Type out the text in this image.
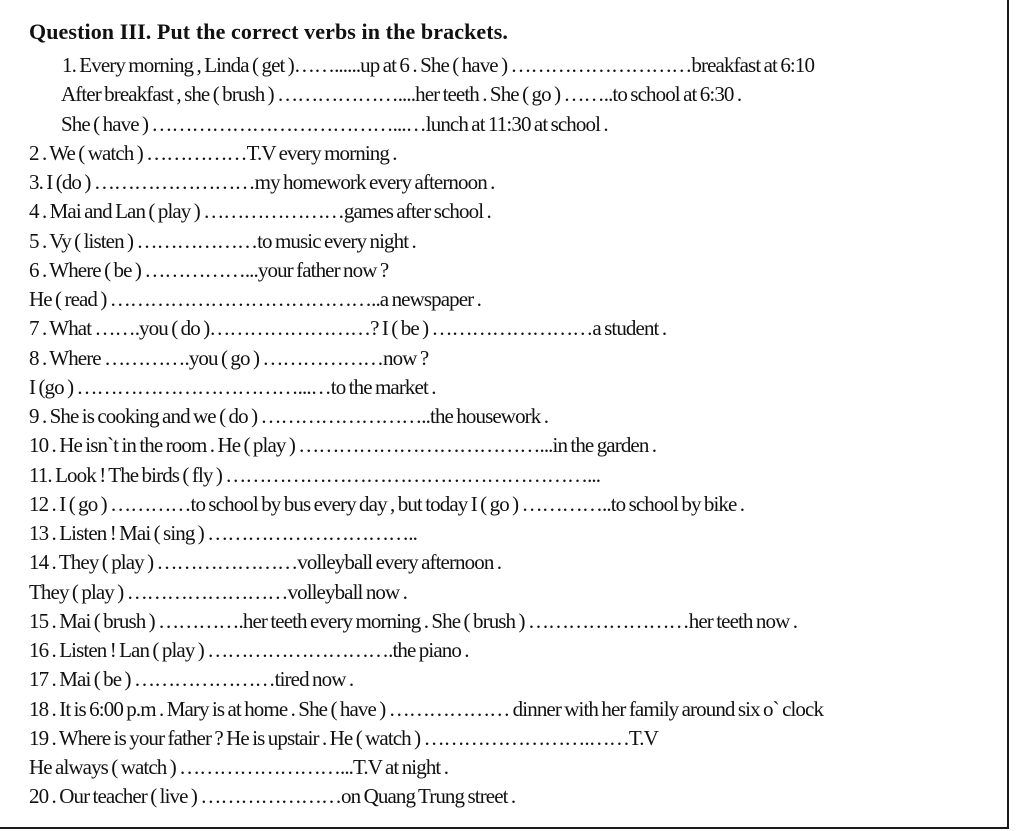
Question III. Put the correct verbs in the brackets.
1. Every morning , Linda ( get )……......up at 6 . She ( have ) ………………………breakfast at 6:10
After breakfast , she ( brush ) ………………....her teeth . She ( go ) ……..to school at 6:30 .
She ( have ) ………………………………...…lunch at 11:30 at school .
2 . We ( watch ) ……………T.V every morning .
3. I (do ) ……………………my homework every afternoon .
4 . Mai and Lan ( play ) …………………games after school .
5 . Vy ( listen ) ………………to music every night .
6 . Where ( be ) ……………...your father now ?
He ( read ) …………………………………..a newspaper .
7 . What …….you ( do )……………………? I ( be ) ……………………a student .
8 . Where ………….you ( go ) ………………now ?
I (go ) ……………………………...…to the market .
9 . She is cooking and we ( do ) ……………………..the housework .
10 . He isn`t in the room . He ( play ) ………………………………...in the garden .
11. Look ! The birds ( fly ) ………………………………………………...
12 . I ( go ) …………to school by bus every day , but today I ( go ) …………..to school by bike .
13 . Listen ! Mai ( sing ) …………………………..
14 . They ( play ) …………………volleyball every afternoon .
They ( play ) ……………………volleyball now .
15 . Mai ( brush ) ………….her teeth every morning . She ( brush ) ……………………her teeth now .
16 . Listen ! Lan ( play ) ……………………….the piano .
17 . Mai ( be ) …………………tired now .
18 . It is 6:00 p.m . Mary is at home . She ( have ) ……………… dinner with her family around six o` clock
19 . Where is your father ? He is upstair . He ( watch ) …………………….……T.V
He always ( watch ) ……………………...T.V at night .
20 . Our teacher ( live ) …………………on Quang Trung street .
